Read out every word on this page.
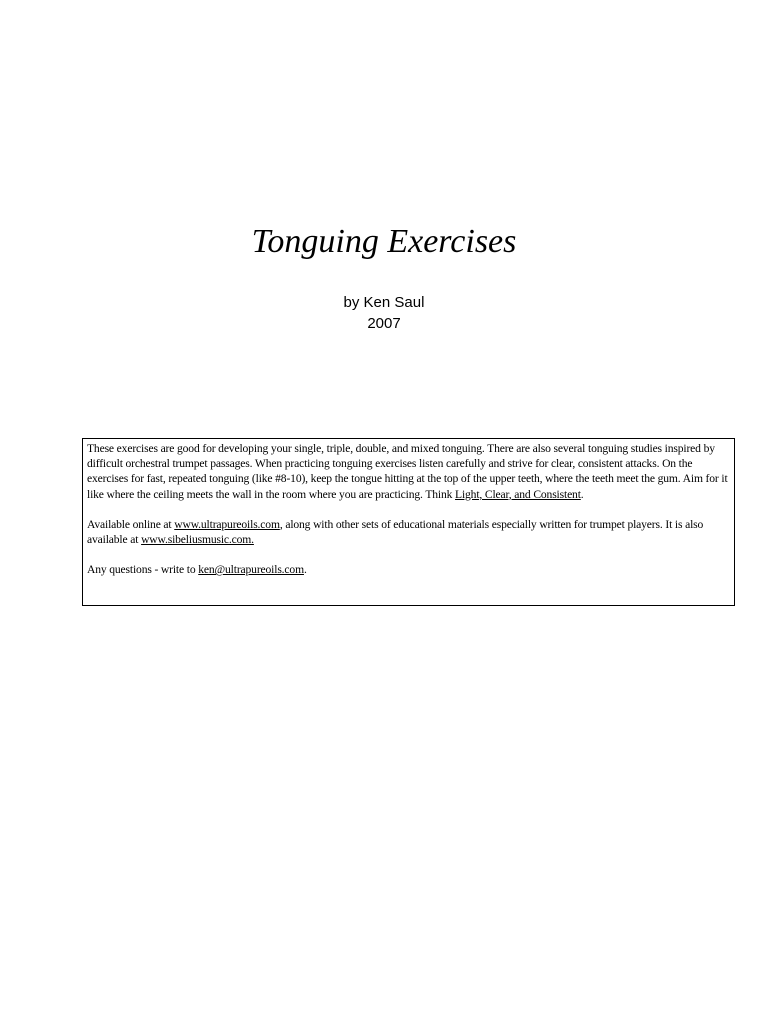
Tonguing Exercises
by Ken Saul
2007

These exercises are good for developing your single, triple, double, and mixed tonguing. There are also several tonguing studies inspired by difficult orchestral trumpet passages. When practicing tonguing exercises listen carefully and strive for clear, consistent attacks. On the exercises for fast, repeated tonguing (like #8-10), keep the tongue hitting at the top of the upper teeth, where the teeth meet the gum. Aim for it like where the ceiling meets the wall in the room where you are practicing. Think Light, Clear, and Consistent.

Available online at www.ultrapureoils.com, along with other sets of educational materials especially written for trumpet players. It is also available at www.sibeliusmusic.com.

Any questions - write to ken@ultrapureoils.com.
